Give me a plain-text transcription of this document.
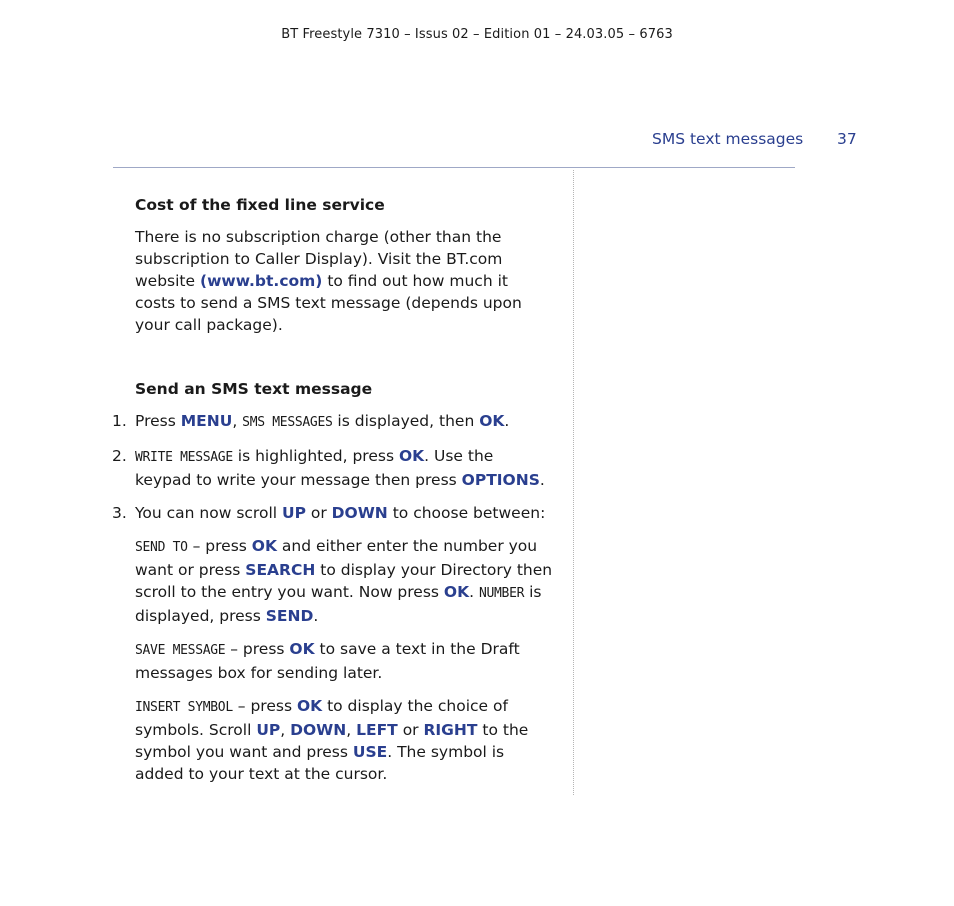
BT Freestyle 7310 – Issus 02 – Edition 01 – 24.03.05 – 6763
SMS text messages 37
Cost of the fixed line service

There is no subscription charge (other than the subscription to Caller Display). Visit the BT.com website (www.bt.com) to find out how much it costs to send a SMS text message (depends upon your call package).

Send an SMS text message
1. Press MENU, SMS MESSAGES is displayed, then OK.
2. WRITE MESSAGE is highlighted, press OK. Use the keypad to write your message then press OPTIONS.
3. You can now scroll UP or DOWN to choose between:

SEND TO – press OK and either enter the number you want or press SEARCH to display your Directory then scroll to the entry you want. Now press OK. NUMBER is displayed, press SEND.

SAVE MESSAGE – press OK to save a text in the Draft messages box for sending later.

INSERT SYMBOL – press OK to display the choice of symbols. Scroll UP, DOWN, LEFT or RIGHT to the symbol you want and press USE. The symbol is added to your text at the cursor.
